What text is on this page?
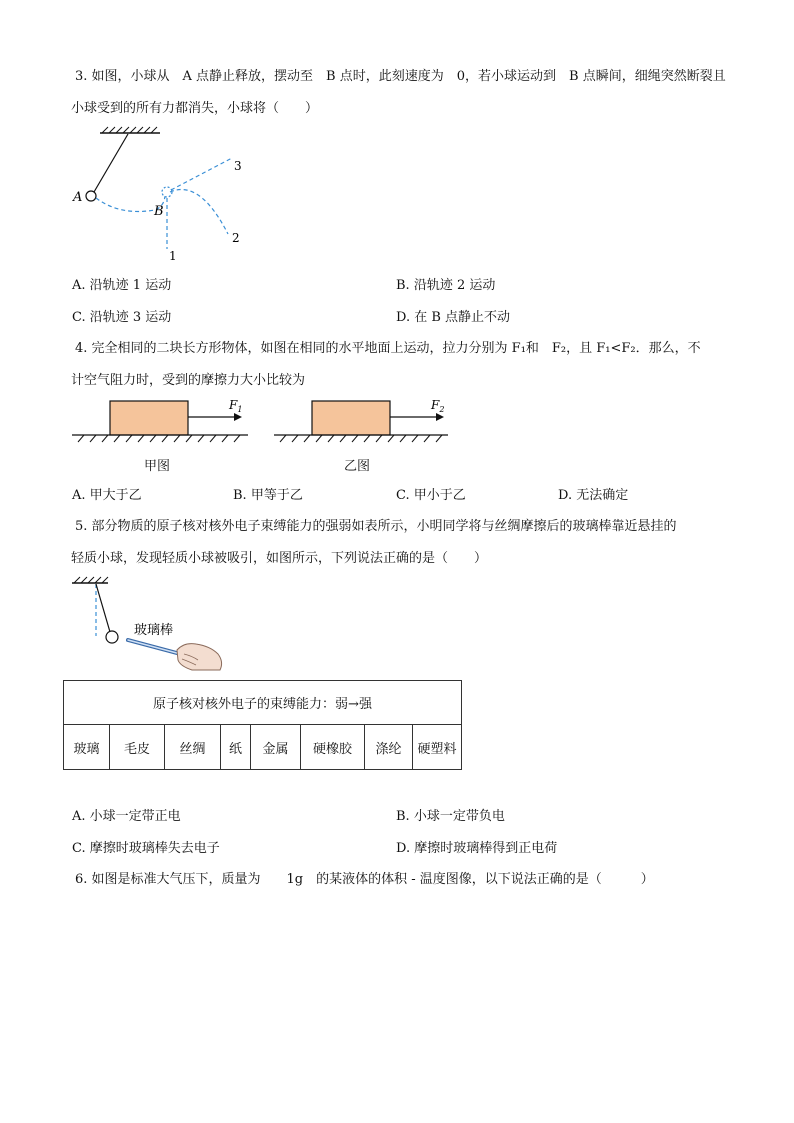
3. 如图，小球从　A 点静止释放，摆动至　B 点时，此刻速度为　0，若小球运动到　B 点瞬间，细绳突然断裂且
小球受到的所有力都消失，小球将（　　）
A
B
1
2
3
A. 沿轨迹 1 运动	B. 沿轨迹 2 运动
C. 沿轨迹 3 运动	D. 在 B 点静止不动
4. 完全相同的二块长方形物体，如图在相同的水平地面上运动，拉力分别为 F₁和　F₂，且 F₁<F₂．那么，不
计空气阻力时，受到的摩擦力大小比较为
$F_1$	$F_2$
甲图	乙图
A. 甲大于乙	B. 甲等于乙	C. 甲小于乙	D. 无法确定
5. 部分物质的原子核对核外电子束缚能力的强弱如表所示，小明同学将与丝绸摩擦后的玻璃棒靠近悬挂的
轻质小球，发现轻质小球被吸引，如图所示，下列说法正确的是（　　）
玻璃棒
原子核对核外电子的束缚能力：弱→强
玻璃	毛皮	丝绸	纸	金属	硬橡胶	涤纶	硬塑料
A. 小球一定带正电	B. 小球一定带负电
C. 摩擦时玻璃棒失去电子	D. 摩擦时玻璃棒得到正电荷
6. 如图是标准大气压下，质量为　　1g　的某液体的体积 - 温度图像，以下说法正确的是（　　　）
